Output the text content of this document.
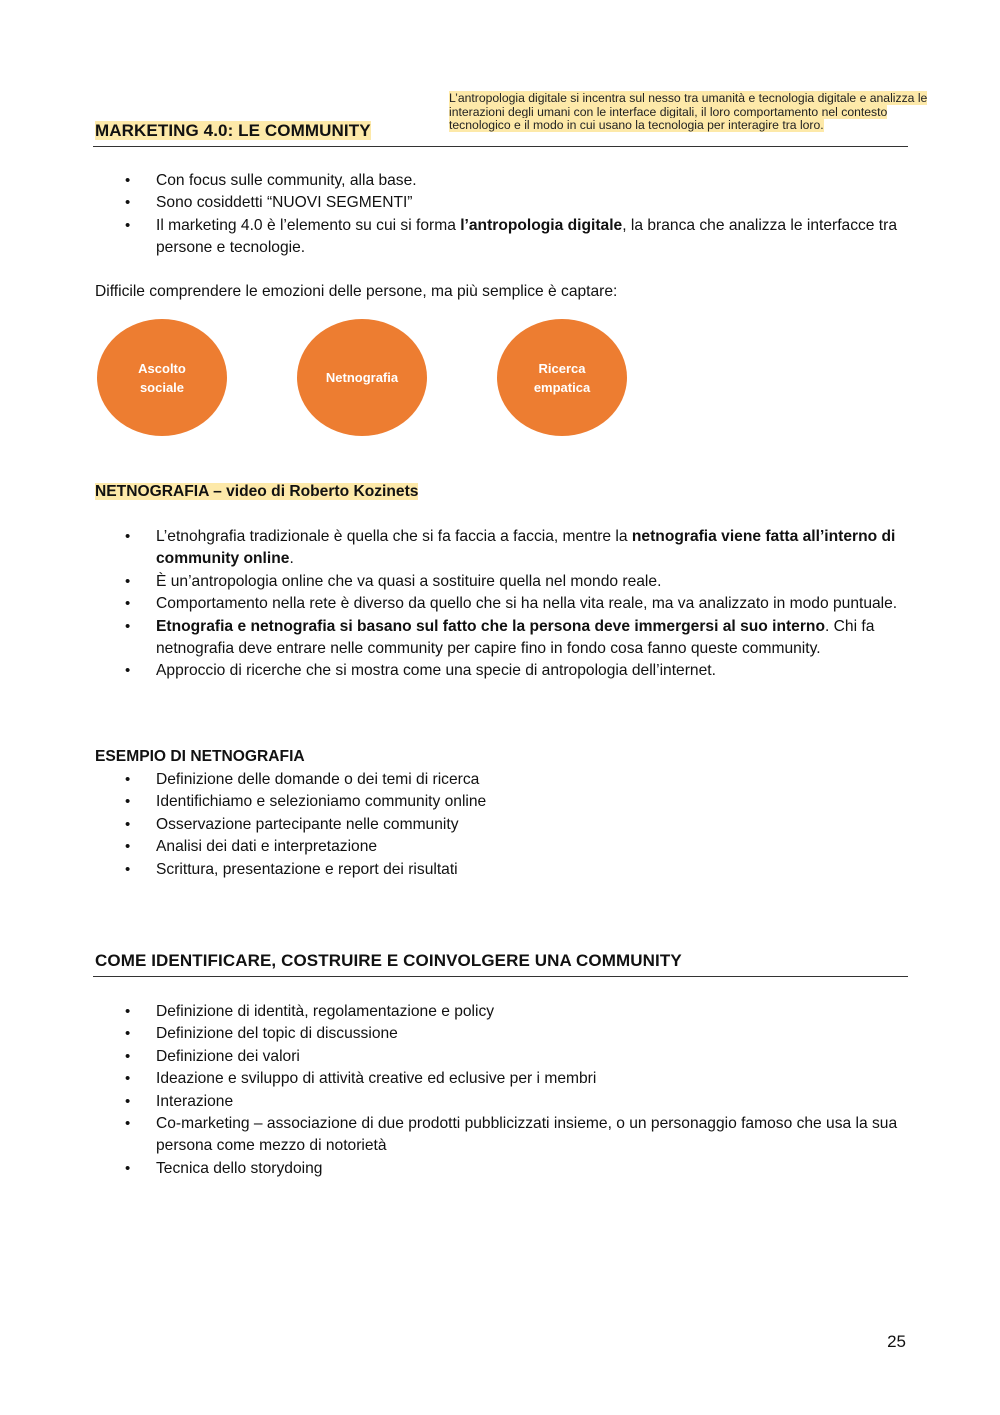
MARKETING 4.0: LE COMMUNITY
L’antropologia digitale si incentra sul nesso tra umanità e tecnologia digitale e analizza le interazioni degli umani con le interface digitali, il loro comportamento nel contesto tecnologico e il modo in cui usano la tecnologia per interagire tra loro.
• Con focus sulle community, alla base.
• Sono cosiddetti “NUOVI SEGMENTI”
• Il marketing 4.0 è l’elemento su cui si forma l’antropologia digitale, la branca che analizza le interfacce tra persone e tecnologie.
Difficile comprendere le emozioni delle persone, ma più semplice è captare:
Ascolto
sociale
Netnografia
Ricerca
empatica
NETNOGRAFIA – video di Roberto Kozinets
• L’etnohgrafia tradizionale è quella che si fa faccia a faccia, mentre la netnografia viene fatta all’interno di community online.
• È un’antropologia online che va quasi a sostituire quella nel mondo reale.
• Comportamento nella rete è diverso da quello che si ha nella vita reale, ma va analizzato in modo puntuale.
• Etnografia e netnografia si basano sul fatto che la persona deve immergersi al suo interno. Chi fa netnografia deve entrare nelle community per capire fino in fondo cosa fanno queste community.
• Approccio di ricerche che si mostra come una specie di antropologia dell’internet.
ESEMPIO DI NETNOGRAFIA
• Definizione delle domande o dei temi di ricerca
• Identifichiamo e selezioniamo community online
• Osservazione partecipante nelle community
• Analisi dei dati e interpretazione
• Scrittura, presentazione e report dei risultati
COME IDENTIFICARE, COSTRUIRE E COINVOLGERE UNA COMMUNITY
• Definizione di identità, regolamentazione e policy
• Definizione del topic di discussione
• Definizione dei valori
• Ideazione e sviluppo di attività creative ed eclusive per i membri
• Interazione
• Co-marketing – associazione di due prodotti pubblicizzati insieme, o un personaggio famoso che usa la sua persona come mezzo di notorietà
• Tecnica dello storydoing
25
